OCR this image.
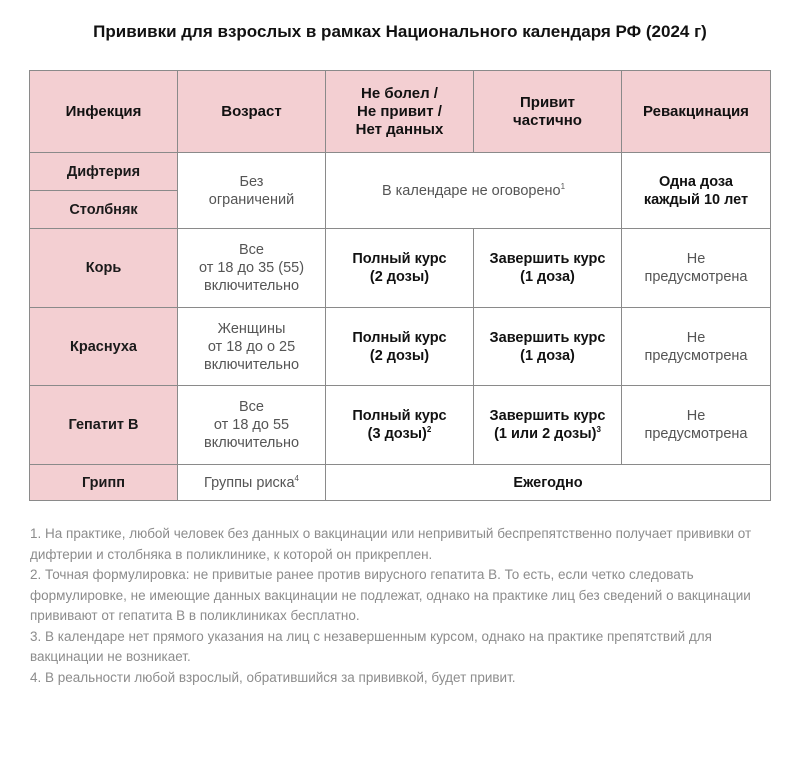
Прививки для взрослых в рамках Национального календаря РФ (2024 г)
Инфекция	Возраст	Не болел /
Не привит /
Нет данных	Привит
частично	Ревакцинация
Дифтерия	Без
ограничений	В календаре не оговорено$^1$		Одна доза
каждый 10 лет
Столбняк				
Корь	Все
от 18 до 35 (55)
включительно	Полный курс
(2 дозы)	Завершить курс
(1 доза)	Не
предусмотрена
Краснуха	Женщины
от 18 до о 25
включительно	Полный курс
(2 дозы)	Завершить курс
(1 доза)	Не
предусмотрена
Гепатит В	Все
от 18 до 55
включительно	Полный курс
(3 дозы)$^2$	Завершить курс
(1 или 2 дозы)$^3$	Не
предусмотрена
Грипп	Группы риска$^4$	Ежегодно		

1. На практике, любой человек без данных о вакцинации или непривитый беспрепятственно получает прививки от дифтерии и столбняка в поликлинике, к которой он прикреплен.

2. Точная формулировка: не привитые ранее против вирусного гепатита В. То есть, если четко следовать формулировке, не имеющие данных вакцинации не подлежат, однако на практике лиц без сведений о вакцинации прививают от гепатита В в поликлиниках бесплатно.

3. В календаре нет прямого указания на лиц с незавершенным курсом, однако на практике препятствий для вакцинации не возникает.

4. В реальности любой взрослый, обратившийся за прививкой, будет привит.
